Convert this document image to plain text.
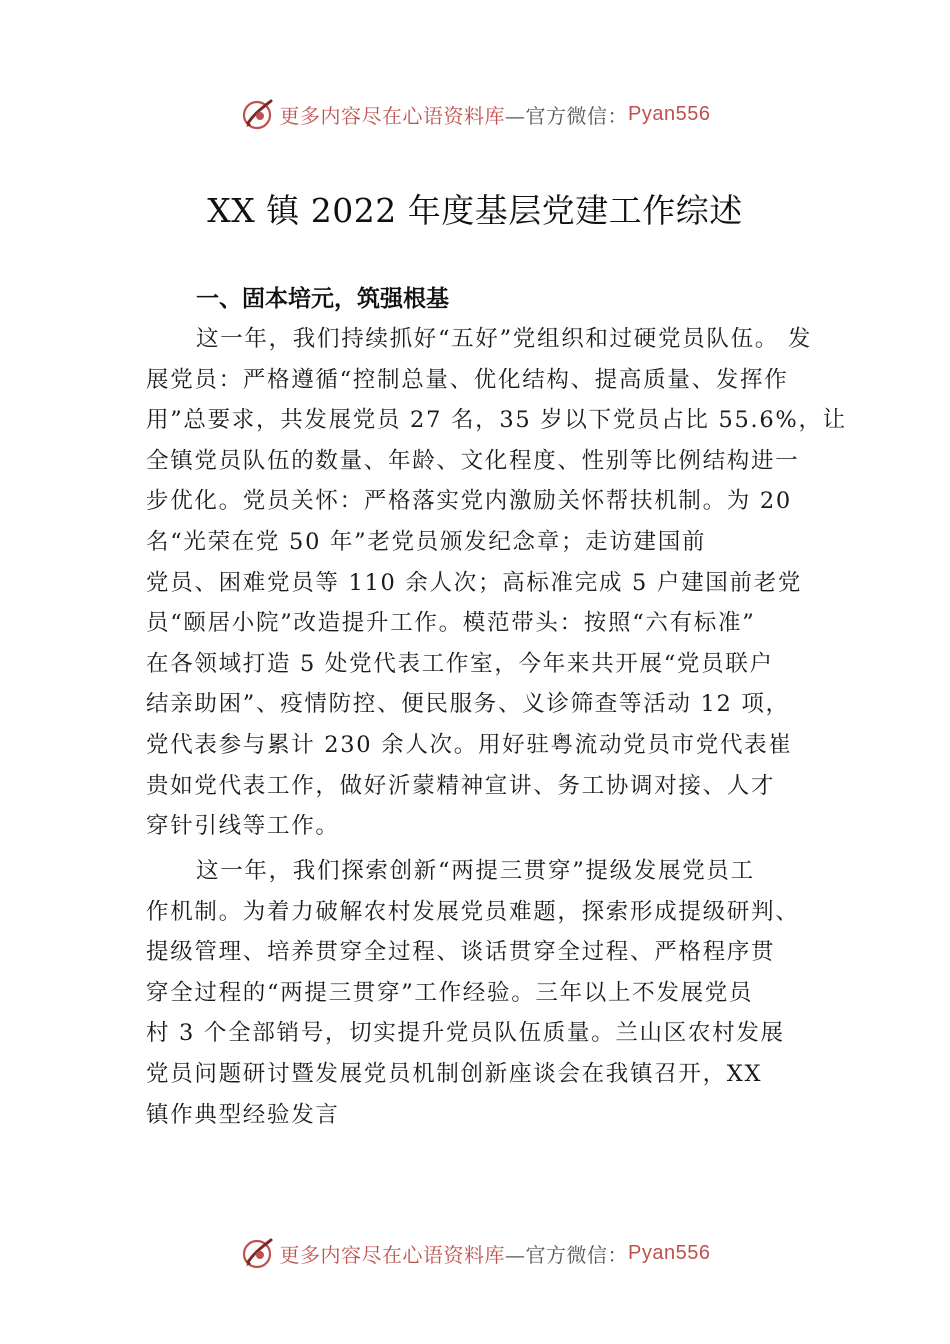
更多内容尽在心语资料库 —官方微信： Pyan556
XX 镇 2022 年度基层党建工作综述
一、固本培元，筑强根基
这一年，我们持续抓好“五好”党组织和过硬党员队伍。 发
展党员：严格遵循“控制总量、优化结构、提高质量、发挥作
用”总要求，共发展党员 27 名，35 岁以下党员占比 55.6%，让
全镇党员队伍的数量、年龄、文化程度、性别等比例结构进一
步优化。党员关怀：严格落实党内激励关怀帮扶机制。为 20
名“光荣在党 50 年”老党员颁发纪念章；走访建国前
党员、困难党员等 110 余人次；高标准完成 5 户建国前老党
员“颐居小院”改造提升工作。模范带头：按照“六有标准”
在各领域打造 5 处党代表工作室，今年来共开展“党员联户
结亲助困”、疫情防控、便民服务、义诊筛查等活动 12 项，
党代表参与累计 230 余人次。用好驻粤流动党员市党代表崔
贵如党代表工作，做好沂蒙精神宣讲、务工协调对接、人才
穿针引线等工作。
这一年，我们探索创新“两提三贯穿”提级发展党员工
作机制。为着力破解农村发展党员难题，探索形成提级研判、
提级管理、培养贯穿全过程、谈话贯穿全过程、严格程序贯
穿全过程的“两提三贯穿”工作经验。三年以上不发展党员
村 3 个全部销号，切实提升党员队伍质量。兰山区农村发展
党员问题研讨暨发展党员机制创新座谈会在我镇召开，XX
镇作典型经验发言
更多内容尽在心语资料库 —官方微信： Pyan556
